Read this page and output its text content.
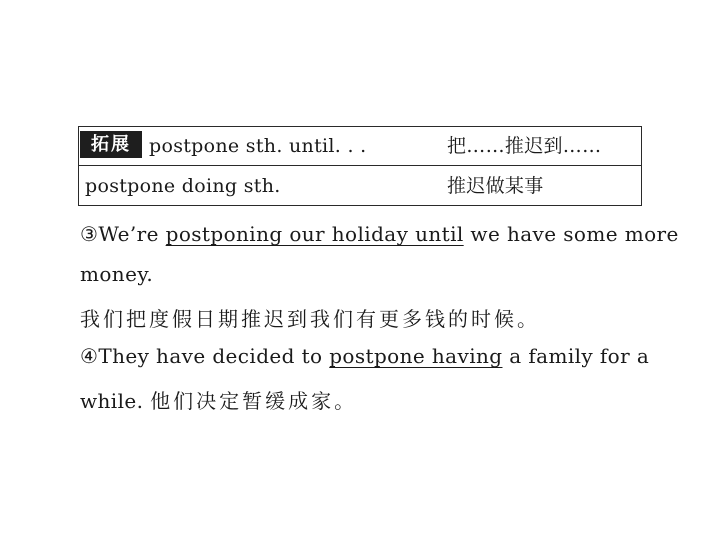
拓展 postpone sth. until. . .	把……推迟到……
postpone doing sth.	推迟做某事
③We’re postponing our holiday until we have some more
money.
我们把度假日期推迟到我们有更多钱的时候。
④They have decided to postpone having a family for a
while. 他们决定暂缓成家。
